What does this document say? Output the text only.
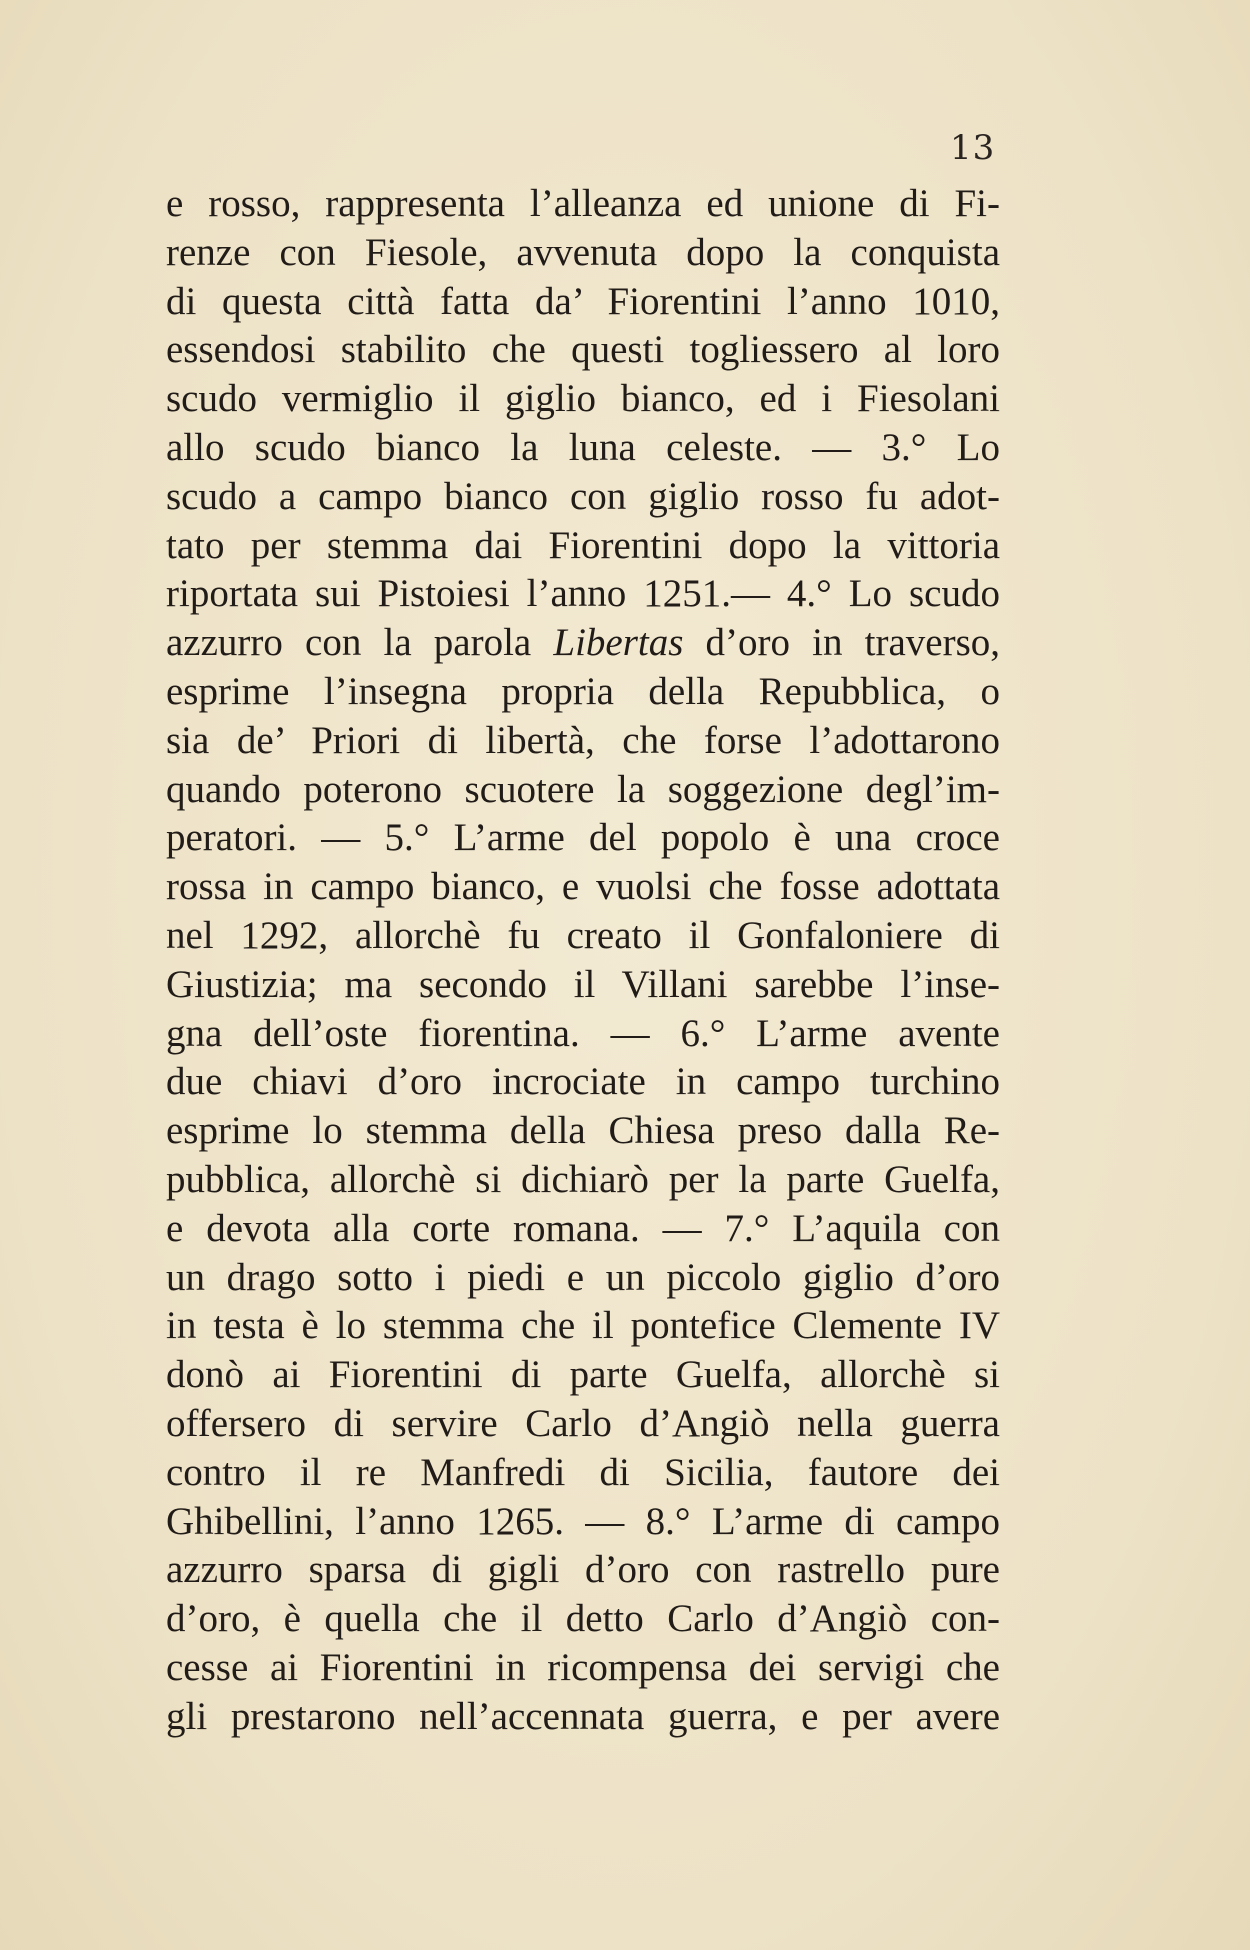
13
e rosso, rappresenta l’alleanza ed unione di Fi-
renze con Fiesole, avvenuta dopo la conquista
di questa città fatta da’ Fiorentini l’anno 1010,
essendosi stabilito che questi togliessero al loro
scudo vermiglio il giglio bianco, ed i Fiesolani
allo scudo bianco la luna celeste. — 3.° Lo
scudo a campo bianco con giglio rosso fu adot-
tato per stemma dai Fiorentini dopo la vittoria
riportata sui Pistoiesi l’anno 1251.— 4.° Lo scudo
azzurro con la parola Libertas d’oro in traverso,
esprime l’insegna propria della Repubblica, o
sia de’ Priori di libertà, che forse l’adottarono
quando poterono scuotere la soggezione degl’im-
peratori. — 5.° L’arme del popolo è una croce
rossa in campo bianco, e vuolsi che fosse adottata
nel 1292, allorchè fu creato il Gonfaloniere di
Giustizia; ma secondo il Villani sarebbe l’inse-
gna dell’oste fiorentina. — 6.° L’arme avente
due chiavi d’oro incrociate in campo turchino
esprime lo stemma della Chiesa preso dalla Re-
pubblica, allorchè si dichiarò per la parte Guelfa,
e devota alla corte romana. — 7.° L’aquila con
un drago sotto i piedi e un piccolo giglio d’oro
in testa è lo stemma che il pontefice Clemente IV
donò ai Fiorentini di parte Guelfa, allorchè si
offersero di servire Carlo d’Angiò nella guerra
contro il re Manfredi di Sicilia, fautore dei
Ghibellini, l’anno 1265. — 8.° L’arme di campo
azzurro sparsa di gigli d’oro con rastrello pure
d’oro, è quella che il detto Carlo d’Angiò con-
cesse ai Fiorentini in ricompensa dei servigi che
gli prestarono nell’accennata guerra, e per avere
